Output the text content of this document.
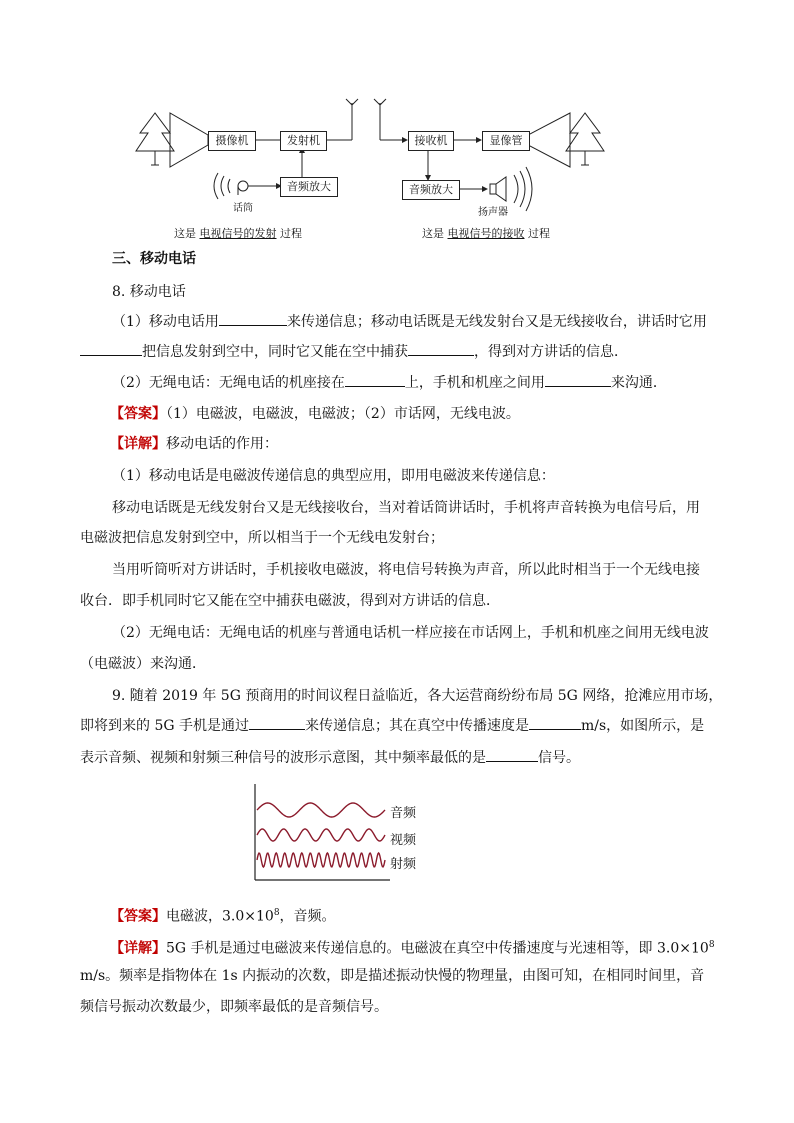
摄像机	发射机	接收机	显像管
音频放大	音频放大
话筒	扬声器
这是 电视信号的发射 过程	这是 电视信号的接收 过程
三、移动电话
8. 移动电话
（1）移动电话用	来传递信息；移动电话既是无线发射台又是无线接收台，讲话时它用
把信息发射到空中，同时它又能在空中捕获	，得到对方讲话的信息．
（2）无绳电话：无绳电话的机座接在	上，手机和机座之间用	来沟通．
【答案】（1）电磁波，电磁波，电磁波；（2）市话网，无线电波。
【详解】移动电话的作用：
（1）移动电话是电磁波传递信息的典型应用，即用电磁波来传递信息：
移动电话既是无线发射台又是无线接收台，当对着话筒讲话时，手机将声音转换为电信号后，用
电磁波把信息发射到空中，所以相当于一个无线电发射台；
当用听筒听对方讲话时，手机接收电磁波，将电信号转换为声音，所以此时相当于一个无线电接
收台．即手机同时它又能在空中捕获电磁波，得到对方讲话的信息．
（2）无绳电话：无绳电话的机座与普通电话机一样应接在市话网上，手机和机座之间用无线电波
（电磁波）来沟通．
9. 随着 2019 年 5G 预商用的时间议程日益临近，各大运营商纷纷布局 5G 网络，抢滩应用市场，
即将到来的 5G 手机是通过	来传递信息；其在真空中传播速度是	m/s，如图所示，是
表示音频、视频和射频三种信号的波形示意图，其中频率最低的是	信号。
音频
视频
射频
【答案】电磁波，$3.0\times 10^8$，音频。
【详解】5G 手机是通过电磁波来传递信息的。电磁波在真空中传播速度与光速相等，即 $3.0\times 10^8$
m/s。频率是指物体在 1s 内振动的次数，即是描述振动快慢的物理量，由图可知，在相同时间里，音
频信号振动次数最少，即频率最低的是音频信号。
